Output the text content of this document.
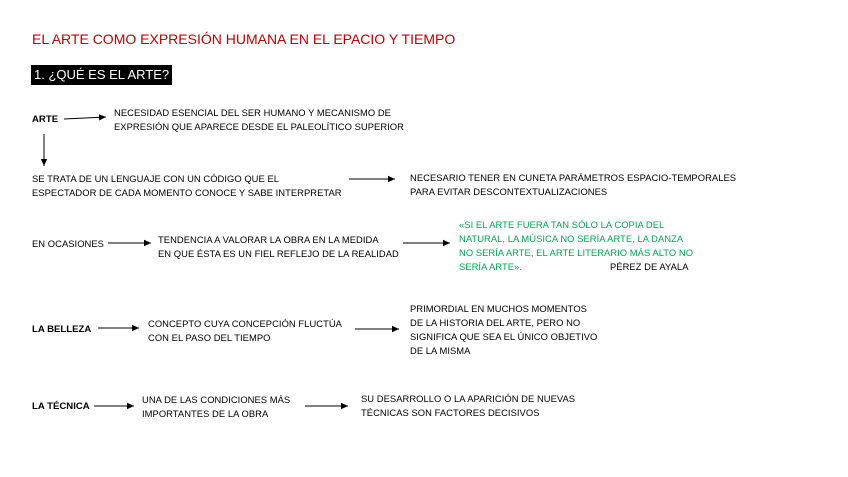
EL ARTE COMO EXPRESIÓN HUMANA EN EL EPACIO Y TIEMPO
1. ¿QUÉ ES EL ARTE?
ARTE
NECESIDAD ESENCIAL DEL SER HUMANO Y MECANISMO DE
EXPRESIÓN QUE APARECE DESDE EL PALEOLÍTICO SUPERIOR
SE TRATA DE UN LENGUAJE CON UN CÓDIGO QUE EL
ESPECTADOR DE CADA MOMENTO CONOCE Y SABE INTERPRETAR
NECESARIO TENER EN CUNETA PARÁMETROS ESPACIO-TEMPORALES
PARA EVITAR DESCONTEXTUALIZACIONES
EN OCASIONES	TENDENCIA A VALORAR LA OBRA EN LA MEDIDA
EN QUE ÉSTA ES UN FIEL REFLEJO DE LA REALIDAD
«SI EL ARTE FUERA TAN SÓLO LA COPIA DEL
NATURAL, LA MÚSICA NO SERÍA ARTE, LA DANZA
NO SERÍA ARTE, EL ARTE LITERARIO MÁS ALTO NO
SERÍA ARTE».	PÉREZ DE AYALA
LA BELLEZA
CONCEPTO CUYA CONCEPCIÓN FLUCTÚA
CON EL PASO DEL TIEMPO
PRIMORDIAL EN MUCHOS MOMENTOS
DE LA HISTORIA DEL ARTE, PERO NO
SIGNIFICA QUE SEA EL ÚNICO OBJETIVO
DE LA MISMA
LA TÉCNICA
UNA DE LAS CONDICIONES MÁS
IMPORTANTES DE LA OBRA
SU DESARROLLO O LA APARICIÓN DE NUEVAS
TÉCNICAS SON FACTORES DECISIVOS
